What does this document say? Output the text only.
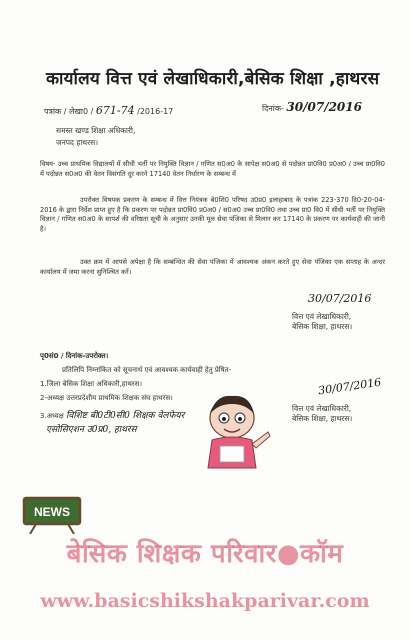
कार्यालय वित्त एवं लेखाधिकारी,बेसिक शिक्षा ,हाथरस
पत्रांक / लेखा0 / 671-74 /2016-17	दिनांक- 30/07/2016
समस्त खण्ड शिक्षा अधिकारी,
जनपद हाथरस।
विषय- उच्च प्राथमिक विद्यालयों में सीधी भर्ती पर नियुक्ति विज्ञान / गणित स0अ0 के सापेक्ष स0अ0 से पदोन्नत प्रा0वि0 प्र0अ0 / उच्च प्रा0वि0 में पदोन्नत स0अ0 की वेतन विसंगति दूर करने 17140 वेतन निर्धारण के सम्बन्ध में
उपरोक्त विषयक प्रकरण के सम्बन्ध में वित्त नियंत्रक बे0शि0 परिषद उ0प्र0 इलाहाबाद के पत्रांक 223-370 दि0-20-04-2016 के द्वारा निर्देश प्राप्त हुए है कि प्रकरण पर पदोन्नत प्रा0वि0 प्र0अ0 / स0अ0 उच्च प्रा0वि0 तथा उच्च प्रा0 वि0 में सीधी भर्ती पर नियुक्ति विज्ञान / गणित स0अ0 के सापर्श की वरिष्ठता सूची के अनुसार उनकी मूल सेवा पंजिका से मिलान कर 17140 के प्रकरण पर कार्यवाही की जानी है।
उक्त क्रम में आपसे अपेक्षा है कि सम्बन्धित की सेवा पंजिका में आवश्यक अंकन करते हुए सेवा पंजिका एक सप्ताह के अन्दर कार्यालय में जमा करना सुनिश्चित करें।
30/07/2016
वित्त एवं लेखाधिकारी,
बेसिक शिक्षा, हाथरस।
पृ0सं0 / दिनांक-उपरोक्त।
प्रतिलिपि निम्नांकित को सूचनार्थ एवं आवश्यक कार्यवाही हेतु प्रेषित-
1.जिला बेसिक शिक्षा अधिकारी,हाथरस।
2-अध्यक्ष उत्तरप्रदेशीय प्राथमिक शिक्षक संघ हाथरस।
3.अध्यक्ष विशिष्ट बी0टी0सी0 शिक्षक वेलफेयर
एसोसिएशन उ0प्र0, हाथरस
30/07/2016
वित्त एवं लेखाधिकारी,
बेसिक शिक्षा, हाथरस।
NEWS
बेसिक शिक्षक परिवार●कॉम
www.basicshikshakparivar.com
